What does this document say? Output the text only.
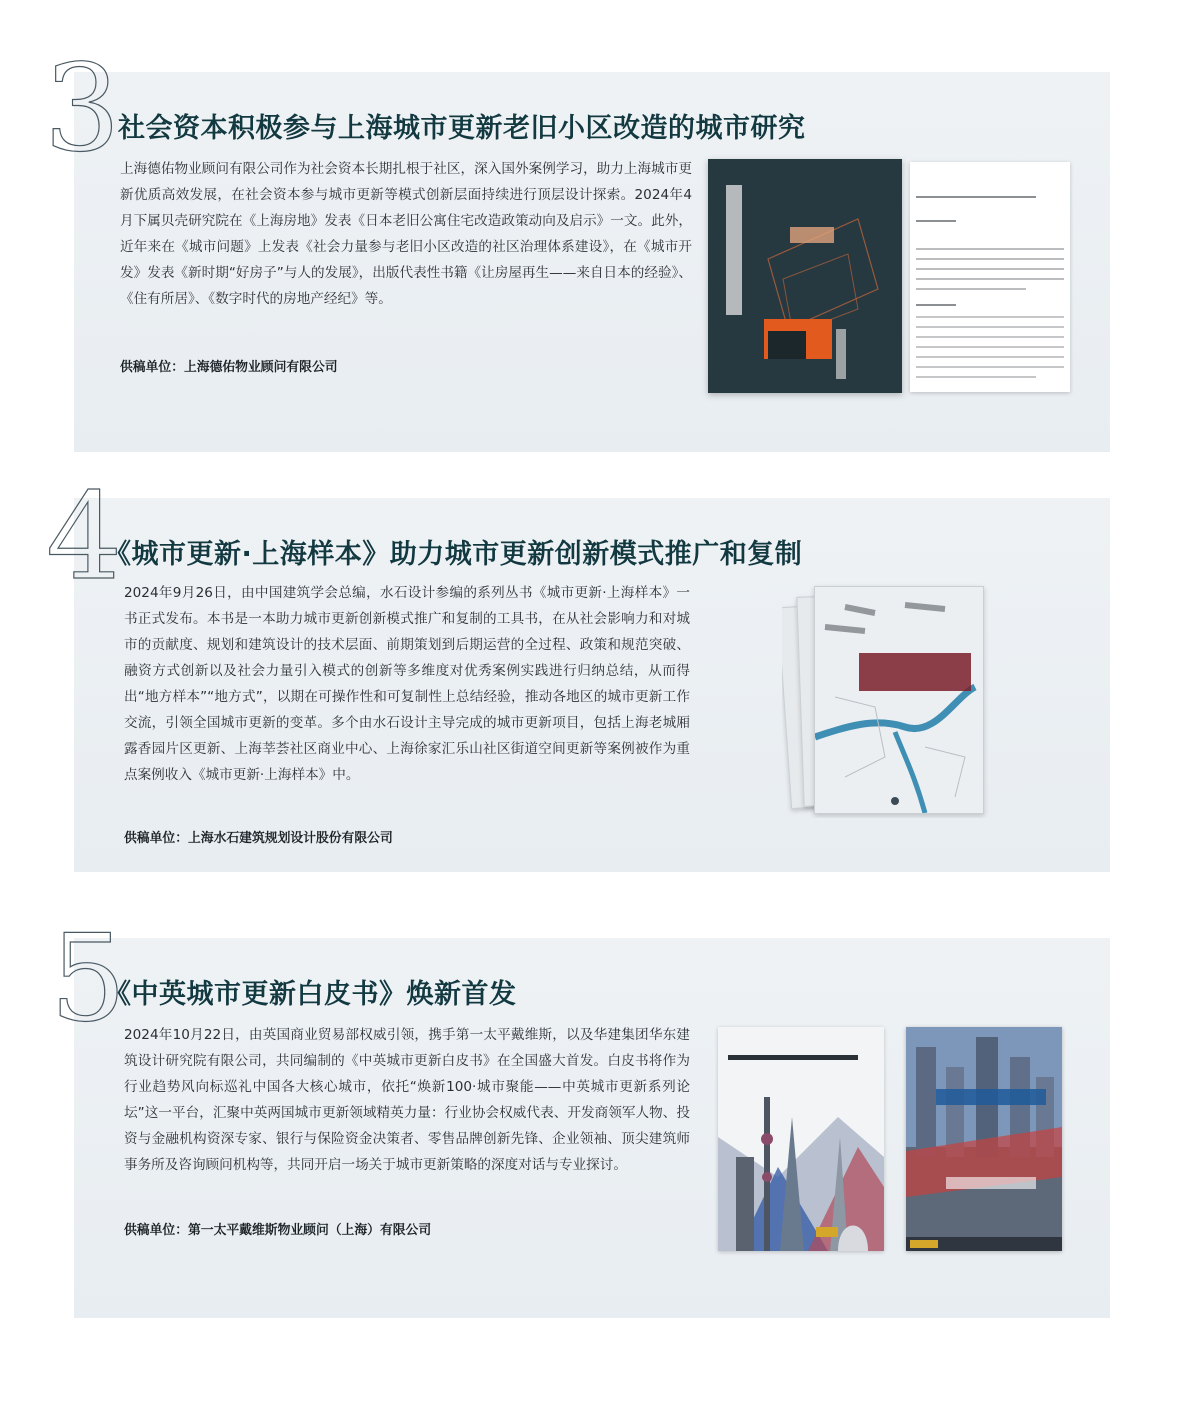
3
社会资本积极参与上海城市更新老旧小区改造的城市研究
上海德佑物业顾问有限公司作为社会资本长期扎根于社区，深入国外案例学习，助力上海城市更新优质高效发展，在社会资本参与城市更新等模式创新层面持续进行顶层设计探索。2024年4月下属贝壳研究院在《上海房地》发表《日本老旧公寓住宅改造政策动向及启示》一文。此外，近年来在《城市问题》上发表《社会力量参与老旧小区改造的社区治理体系建设》，在《城市开发》发表《新时期“好房子”与人的发展》，出版代表性书籍《让房屋再生——来自日本的经验》、《住有所居》、《数字时代的房地产经纪》等。
供稿单位：上海德佑物业顾问有限公司
4
《城市更新·上海样本》助力城市更新创新模式推广和复制
2024年9月26日，由中国建筑学会总编，水石设计参编的系列丛书《城市更新·上海样本》一书正式发布。本书是一本助力城市更新创新模式推广和复制的工具书，在从社会影响力和对城市的贡献度、规划和建筑设计的技术层面、前期策划到后期运营的全过程、政策和规范突破、融资方式创新以及社会力量引入模式的创新等多维度对优秀案例实践进行归纳总结，从而得出“地方样本”“地方式”，以期在可操作性和可复制性上总结经验，推动各地区的城市更新工作交流，引领全国城市更新的变革。多个由水石设计主导完成的城市更新项目，包括上海老城厢露香园片区更新、上海莘荟社区商业中心、上海徐家汇乐山社区街道空间更新等案例被作为重点案例收入《城市更新·上海样本》中。
供稿单位：上海水石建筑规划设计股份有限公司
5
《中英城市更新白皮书》焕新首发
2024年10月22日，由英国商业贸易部权威引领，携手第一太平戴维斯，以及华建集团华东建筑设计研究院有限公司，共同编制的《中英城市更新白皮书》在全国盛大首发。白皮书将作为行业趋势风向标巡礼中国各大核心城市，依托“焕新100·城市聚能——中英城市更新系列论坛”这一平台，汇聚中英两国城市更新领域精英力量：行业协会权威代表、开发商领军人物、投资与金融机构资深专家、银行与保险资金决策者、零售品牌创新先锋、企业领袖、顶尖建筑师事务所及咨询顾问机构等，共同开启一场关于城市更新策略的深度对话与专业探讨。
供稿单位：第一太平戴维斯物业顾问（上海）有限公司
